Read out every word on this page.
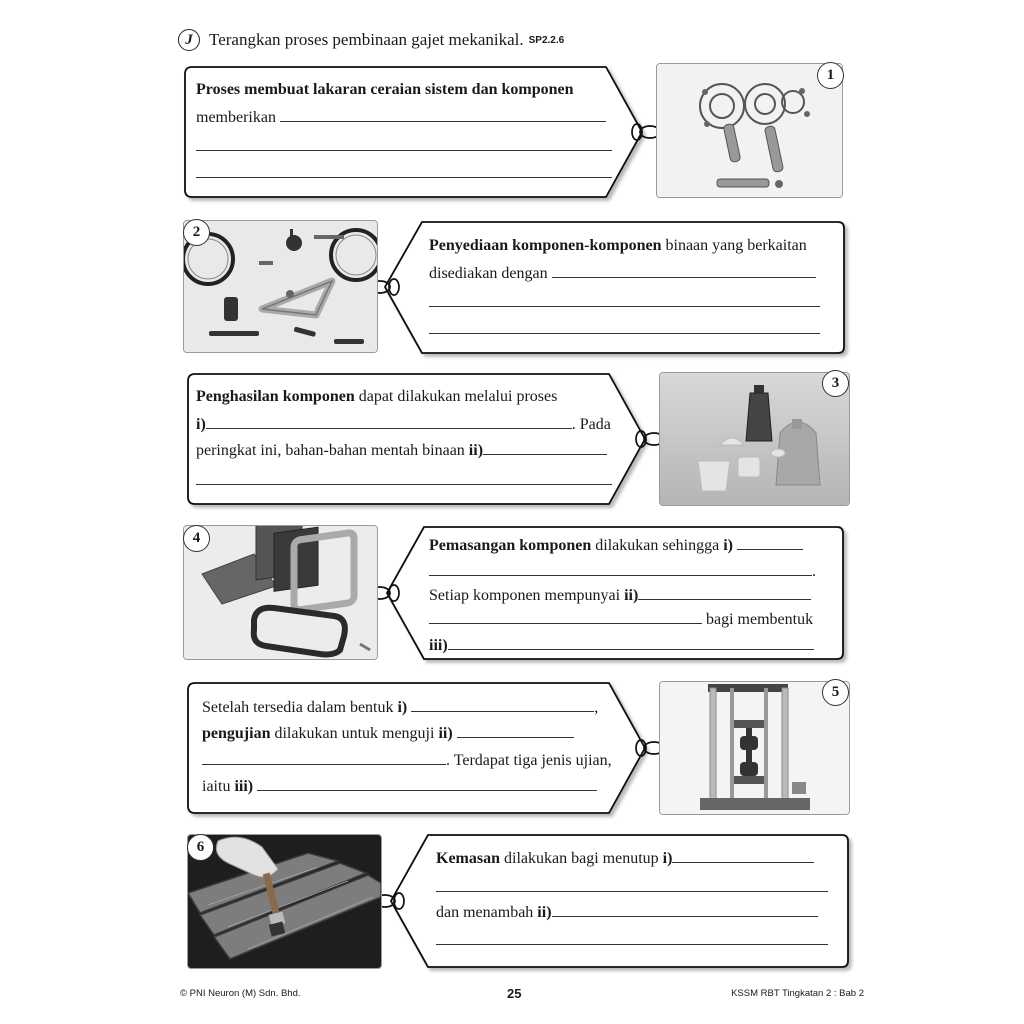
J Terangkan proses pembinaan gajet mekanikal. SP2.2.6
Proses membuat lakaran ceraian sistem dan komponen
memberikan
1
2
Penyediaan komponen-komponen binaan yang berkaitan
disediakan dengan
Penghasilan komponen dapat dilakukan melalui proses
i)	. Pada
peringkat ini, bahan-bahan mentah binaan ii)
3
4	Pemasangan komponen dilakukan sehingga i)
.
Setiap komponen mempunyai ii)
bagi membentuk
iii)
Setelah tersedia dalam bentuk i)	,
pengujian dilakukan untuk menguji ii)
. Terdapat tiga jenis ujian,
iaitu iii)
5
6
Kemasan dilakukan bagi menutup i)
dan menambah ii)
© PNI Neuron (M) Sdn. Bhd.	25	KSSM RBT Tingkatan 2 : Bab 2
